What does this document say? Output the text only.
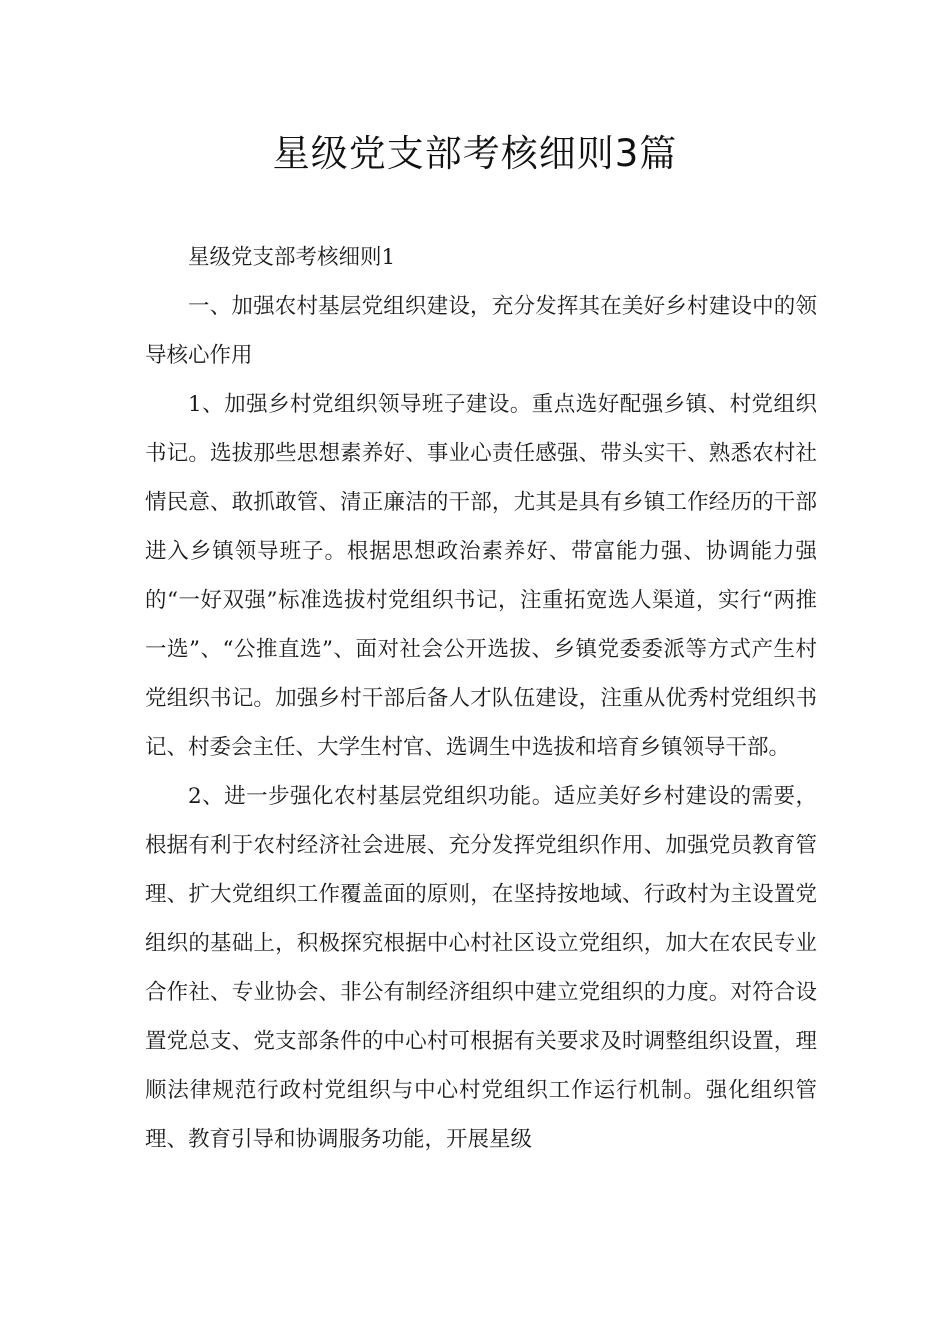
星级党支部考核细则3篇

星级党支部考核细则1

一、加强农村基层党组织建设，充分发挥其在美好乡村建设中的领导核心作用

1、加强乡村党组织领导班子建设。重点选好配强乡镇、村党组织书记。选拔那些思想素养好、事业心责任感强、带头实干、熟悉农村社情民意、敢抓敢管、清正廉洁的干部，尤其是具有乡镇工作经历的干部进入乡镇领导班子。根据思想政治素养好、带富能力强、协调能力强的“一好双强”标准选拔村党组织书记，注重拓宽选人渠道，实行“两推一选”、“公推直选”、面对社会公开选拔、乡镇党委委派等方式产生村党组织书记。加强乡村干部后备人才队伍建设，注重从优秀村党组织书记、村委会主任、大学生村官、选调生中选拔和培育乡镇领导干部。

2、进一步强化农村基层党组织功能。适应美好乡村建设的需要，根据有利于农村经济社会进展、充分发挥党组织作用、加强党员教育管理、扩大党组织工作覆盖面的原则，在坚持按地域、行政村为主设置党组织的基础上，积极探究根据中心村社区设立党组织，加大在农民专业合作社、专业协会、非公有制经济组织中建立党组织的力度。对符合设置党总支、党支部条件的中心村可根据有关要求及时调整组织设置，理顺法律规范行政村党组织与中心村党组织工作运行机制。强化组织管理、教育引导和协调服务功能，开展星级
